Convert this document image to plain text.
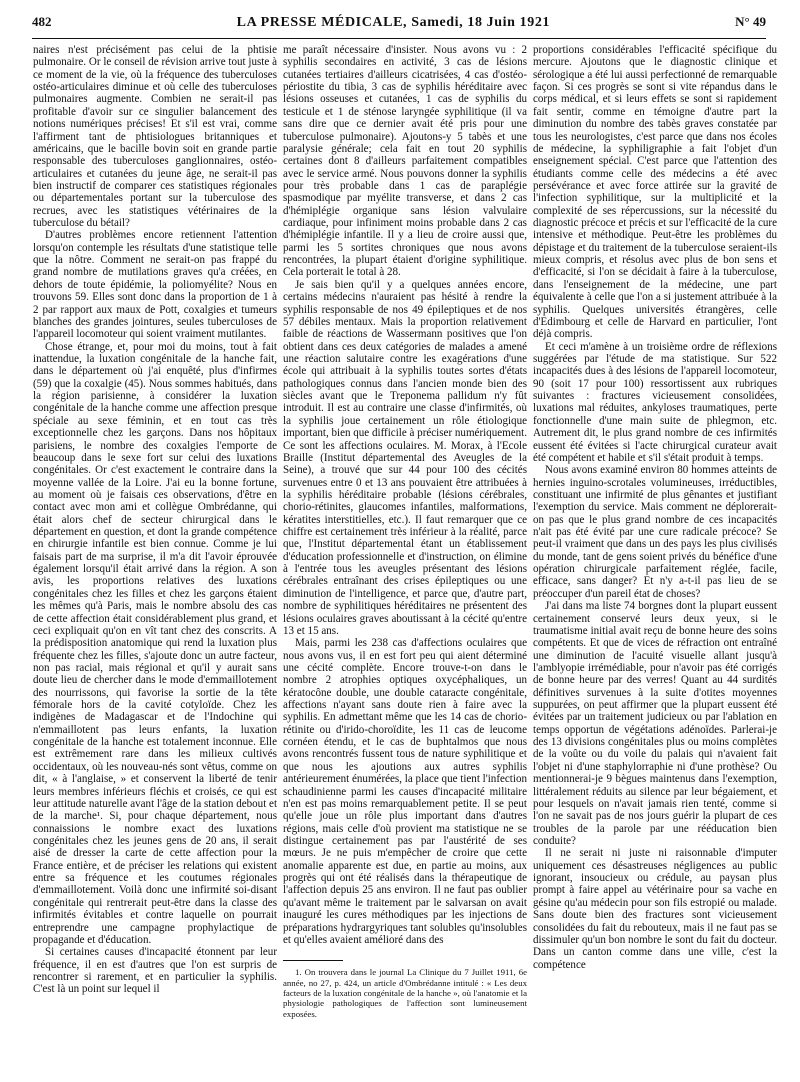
482	LA PRESSE MÉDICALE, Samedi, 18 Juin 1921	N° 49

naires n'est précisément pas celui de la phtisie pulmonaire. Or le conseil de révision arrive tout juste à ce moment de la vie, où la fréquence des tuberculoses ostéo-articulaires diminue et où celle des tuberculoses pulmonaires augmente. Combien ne serait-il pas profitable d'avoir sur ce singulier balancement des notions numériques précises! Et s'il est vrai, comme l'affirment tant de phtisiologues britanniques et américains, que le bacille bovin soit en grande partie responsable des tuberculoses ganglionnaires, ostéo-articulaires et cutanées du jeune âge, ne serait-il pas bien instructif de comparer ces statistiques régionales ou départementales portant sur la tuberculose des recrues, avec les statistiques vétérinaires de la tuberculose du bétail?

D'autres problèmes encore retiennent l'attention lorsqu'on contemple les résultats d'une statistique telle que la nôtre. Comment ne serait-on pas frappé du grand nombre de mutilations graves qu'a créées, en dehors de toute épidémie, la poliomyélite? Nous en trouvons 59. Elles sont donc dans la proportion de 1 à 2 par rapport aux maux de Pott, coxalgies et tumeurs blanches des grandes jointures, seules tuberculoses de l'appareil locomoteur qui soient vraiment mutilantes.

Chose étrange, et, pour moi du moins, tout à fait inattendue, la luxation congénitale de la hanche fait, dans le département où j'ai enquêté, plus d'infirmes (59) que la coxalgie (45). Nous sommes habitués, dans la région parisienne, à considérer la luxation congénitale de la hanche comme une affection presque spéciale au sexe féminin, et en tout cas très exceptionnelle chez les garçons. Dans nos hôpitaux parisiens, le nombre des coxalgies l'emporte de beaucoup dans le sexe fort sur celui des luxations congénitales. Or c'est exactement le contraire dans la moyenne vallée de la Loire. J'ai eu la bonne fortune, au moment où je faisais ces observations, d'être en contact avec mon ami et collègue Ombrédanne, qui était alors chef de secteur chirurgical dans le département en question, et dont la grande compétence en chirurgie infantile est bien connue. Comme je lui faisais part de ma surprise, il m'a dit l'avoir éprouvée également lorsqu'il était arrivé dans la région. A son avis, les proportions relatives des luxations congénitales chez les filles et chez les garçons étaient les mêmes qu'à Paris, mais le nombre absolu des cas de cette affection était considérablement plus grand, et ceci expliquait qu'on en vît tant chez des conscrits. A la prédisposition anatomique qui rend la luxation plus fréquente chez les filles, s'ajoute donc un autre facteur, non pas racial, mais régional et qu'il y aurait sans doute lieu de chercher dans le mode d'emmaillotement des nourrissons, qui favorise la sortie de la tête fémorale hors de la cavité cotyloïde. Chez les indigènes de Madagascar et de l'Indochine qui n'emmaillotent pas leurs enfants, la luxation congénitale de la hanche est totalement inconnue. Elle est extrêmement rare dans les milieux cultivés occidentaux, où les nouveau-nés sont vêtus, comme on dit, « à l'anglaise, » et conservent la liberté de tenir leurs membres inférieurs fléchis et croisés, ce qui est leur attitude naturelle avant l'âge de la station debout et de la marche¹. Si, pour chaque département, nous connaissions le nombre exact des luxations congénitales chez les jeunes gens de 20 ans, il serait aisé de dresser la carte de cette affection pour la France entière, et de préciser les relations qui existent entre sa fréquence et les coutumes régionales d'emmaillotement. Voilà donc une infirmité soi-disant congénitale qui rentrerait peut-être dans la classe des infirmités évitables et contre laquelle on pourrait entreprendre une campagne prophylactique de propagande et d'éducation.

Si certaines causes d'incapacité étonnent par leur fréquence, il en est d'autres que l'on est surpris de rencontrer si rarement, et en particulier la syphilis. C'est là un point sur lequel il

me paraît nécessaire d'insister. Nous avons vu : 2 syphilis secondaires en activité, 3 cas de lésions cutanées tertiaires d'ailleurs cicatrisées, 4 cas d'ostéo-périostite du tibia, 3 cas de syphilis héréditaire avec lésions osseuses et cutanées, 1 cas de syphilis du testicule et 1 de sténose laryngée syphilitique (il va sans dire que ce dernier avait été pris pour une tuberculose pulmonaire). Ajoutons-y 5 tabès et une paralysie générale; cela fait en tout 20 syphilis certaines dont 8 d'ailleurs parfaitement compatibles avec le service armé. Nous pouvons donner la syphilis pour très probable dans 1 cas de paraplégie spasmodique par myélite transverse, et dans 2 cas d'hémiplégie organique sans lésion valvulaire cardiaque, pour infiniment moins probable dans 2 cas d'hémiplégie infantile. Il y a lieu de croire aussi que, parmi les 5 sortites chroniques que nous avons rencontrées, la plupart étaient d'origine syphilitique. Cela porterait le total à 28.

Je sais bien qu'il y a quelques années encore, certains médecins n'auraient pas hésité à rendre la syphilis responsable de nos 49 épileptiques et de nos 57 débiles mentaux. Mais la proportion relativement faible de réactions de Wassermann positives que l'on obtient dans ces deux catégories de malades a amené une réaction salutaire contre les exagérations d'une école qui attribuait à la syphilis toutes sortes d'états pathologiques connus dans l'ancien monde bien des siècles avant que le Treponema pallidum n'y fût introduit. Il est au contraire une classe d'infirmités, où la syphilis joue certainement un rôle étiologique important, bien que difficile à préciser numériquement. Ce sont les affections oculaires. M. Morax, à l'Ecole Braille (Institut départemental des Aveugles de la Seine), a trouvé que sur 44 pour 100 des cécités survenues entre 0 et 13 ans pouvaient être attribuées à la syphilis héréditaire probable (lésions cérébrales, chorio-rétinites, glaucomes infantiles, malformations, kératites interstitielles, etc.). Il faut remarquer que ce chiffre est certainement très inférieur à la réalité, parce que, l'Institut départemental étant un établissement d'éducation professionnelle et d'instruction, on élimine à l'entrée tous les aveugles présentant des lésions cérébrales entraînant des crises épileptiques ou une diminution de l'intelligence, et parce que, d'autre part, nombre de syphilitiques héréditaires ne présentent des lésions oculaires graves aboutissant à la cécité qu'entre 13 et 15 ans.

Mais, parmi les 238 cas d'affections oculaires que nous avons vus, il en est fort peu qui aient déterminé une cécité complète. Encore trouve-t-on dans le nombre 2 atrophies optiques oxycéphaliques, un kératocône double, une double cataracte congénitale, affections n'ayant sans doute rien à faire avec la syphilis. En admettant même que les 14 cas de chorio-rétinite ou d'irido-choroïdite, les 11 cas de leucome cornéen étendu, et le cas de buphtalmos que nous avons rencontrés fussent tous de nature syphilitique et que nous les ajoutions aux autres syphilis antérieurement énumérées, la place que tient l'infection schaudinienne parmi les causes d'incapacité militaire n'en est pas moins remarquablement petite. Il se peut qu'elle joue un rôle plus important dans d'autres régions, mais celle d'où provient ma statistique ne se distingue certainement pas par l'austérité de ses mœurs. Je ne puis m'empêcher de croire que cette anomalie apparente est due, en partie au moins, aux progrès qui ont été réalisés dans la thérapeutique de l'affection depuis 25 ans environ. Il ne faut pas oublier qu'avant même le traitement par le salvarsan on avait inauguré les cures méthodiques par les injections de préparations hydrargyriques tant solubles qu'insolubles et qu'elles avaient amélioré dans des

1. On trouvera dans le journal La Clinique du 7 Juillet 1911, 6e année, no 27, p. 424, un article d'Ombrédanne intitulé : « Les deux facteurs de la luxation congénitale de la hanche », où l'anatomie et la physiologie pathologiques de l'affection sont lumineusement exposées.

proportions considérables l'efficacité spécifique du mercure. Ajoutons que le diagnostic clinique et sérologique a été lui aussi perfectionné de remarquable façon. Si ces progrès se sont si vite répandus dans le corps médical, et si leurs effets se sont si rapidement fait sentir, comme en témoigne d'autre part la diminution du nombre des tabès graves constatée par tous les neurologistes, c'est parce que dans nos écoles de médecine, la syphiligraphie a fait l'objet d'un enseignement spécial. C'est parce que l'attention des étudiants comme celle des médecins a été avec persévérance et avec force attirée sur la gravité de l'infection syphilitique, sur la multiplicité et la complexité de ses répercussions, sur la nécessité du diagnostic précoce et précis et sur l'efficacité de la cure intensive et méthodique. Peut-être les problèmes du dépistage et du traitement de la tuberculose seraient-ils mieux compris, et résolus avec plus de bon sens et d'efficacité, si l'on se décidait à faire à la tuberculose, dans l'enseignement de la médecine, une part équivalente à celle que l'on a si justement attribuée à la syphilis. Quelques universités étrangères, celle d'Edimbourg et celle de Harvard en particulier, l'ont déjà compris.

Et ceci m'amène à un troisième ordre de réflexions suggérées par l'étude de ma statistique. Sur 522 incapacités dues à des lésions de l'appareil locomoteur, 90 (soit 17 pour 100) ressortissent aux rubriques suivantes : fractures vicieusement consolidées, luxations mal réduites, ankyloses traumatiques, perte fonctionnelle d'une main suite de phlegmon, etc. Autrement dit, le plus grand nombre de ces infirmités eussent été évitées si l'acte chirurgical curateur avait été compétent et habile et s'il s'était produit à temps.

Nous avons examiné environ 80 hommes atteints de hernies inguino-scrotales volumineuses, irréductibles, constituant une infirmité de plus gênantes et justifiant l'exemption du service. Mais comment ne déplorerait-on pas que le plus grand nombre de ces incapacités n'ait pas été évité par une cure radicale précoce? Se peut-il vraiment que dans un des pays les plus civilisés du monde, tant de gens soient privés du bénéfice d'une opération chirurgicale parfaitement réglée, facile, efficace, sans danger? Et n'y a-t-il pas lieu de se préoccuper d'un pareil état de choses?

J'ai dans ma liste 74 borgnes dont la plupart eussent certainement conservé leurs deux yeux, si le traumatisme initial avait reçu de bonne heure des soins compétents. Et que de vices de réfraction ont entraîné une diminution de l'acuité visuelle allant jusqu'à l'amblyopie irrémédiable, pour n'avoir pas été corrigés de bonne heure par des verres! Quant au 44 surdités définitives survenues à la suite d'otites moyennes suppurées, on peut affirmer que la plupart eussent été évitées par un traitement judicieux ou par l'ablation en temps opportun de végétations adénoïdes. Parlerai-je des 13 divisions congénitales plus ou moins complètes de la voûte ou du voile du palais qui n'avaient fait l'objet ni d'une staphylorraphie ni d'une prothèse? Ou mentionnerai-je 9 bègues maintenus dans l'exemption, littéralement réduits au silence par leur bégaiement, et pour lesquels on n'avait jamais rien tenté, comme si l'on ne savait pas de nos jours guérir la plupart de ces troubles de la parole par une rééducation bien conduite?

Il ne serait ni juste ni raisonnable d'imputer uniquement ces désastreuses négligences au public ignorant, insoucieux ou crédule, au paysan plus prompt à faire appel au vétérinaire pour sa vache en gésine qu'au médecin pour son fils estropié ou malade. Sans doute bien des fractures sont vicieusement consolidées du fait du rebouteux, mais il ne faut pas se dissimuler qu'un bon nombre le sont du fait du docteur. Dans un canton comme dans une ville, c'est la compétence
